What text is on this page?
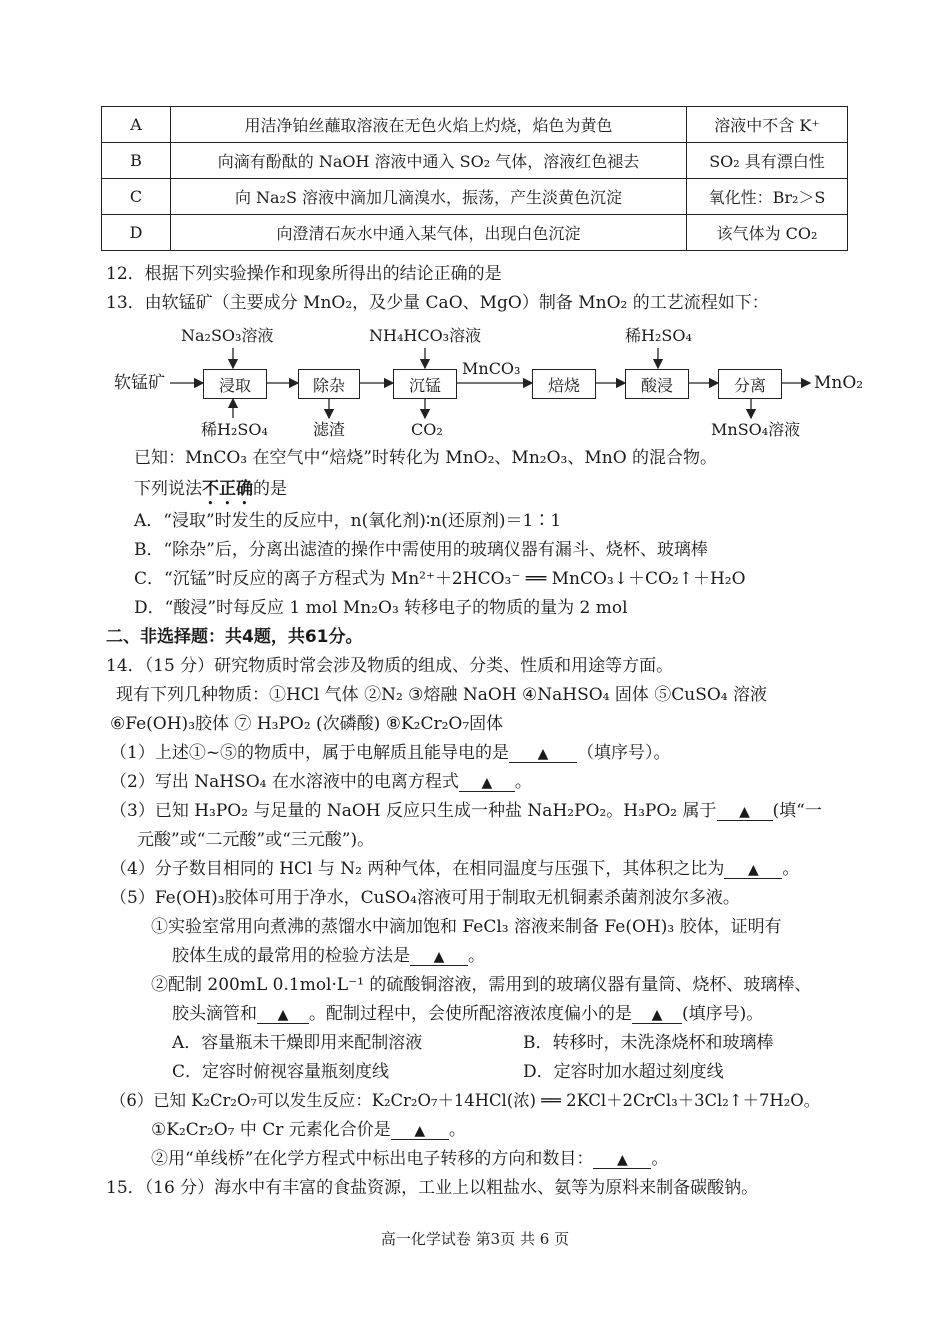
A	用洁净铂丝蘸取溶液在无色火焰上灼烧，焰色为黄色	溶液中不含 K⁺
B	向滴有酚酞的 NaOH 溶液中通入 SO₂ 气体，溶液红色褪去	SO₂ 具有漂白性
C	向 Na₂S 溶液中滴加几滴溴水，振荡，产生淡黄色沉淀	氧化性：Br₂＞S
D	向澄清石灰水中通入某气体，出现白色沉淀	该气体为 CO₂
12．根据下列实验操作和现象所得出的结论正确的是
13．由软锰矿（主要成分 MnO₂，及少量 CaO、MgO）制备 MnO₂ 的工艺流程如下：
软锰矿	浸取	除杂	沉锰	焙烧	酸浸	分离	MnO₂
Na₂SO₃溶液	NH₄HCO₃溶液	稀H₂SO₄
MnCO₃
稀H₂SO₄	滤渣	CO₂	MnSO₄溶液
已知：MnCO₃ 在空气中“焙烧”时转化为 MnO₂、Mn₂O₃、MnO 的混合物。
下列说法不正确的是
A．“浸取”时发生的反应中，n(氧化剂)∶n(还原剂)＝1∶1
B．“除杂”后，分离出滤渣的操作中需使用的玻璃仪器有漏斗、烧杯、玻璃棒
C．“沉锰”时反应的离子方程式为 Mn²⁺＋2HCO₃⁻ ══ MnCO₃↓＋CO₂↑＋H₂O
D．“酸浸”时每反应 1 mol Mn₂O₃ 转移电子的物质的量为 2 mol
二、非选择题：共4题，共61分。
14．（15 分）研究物质时常会涉及物质的组成、分类、性质和用途等方面。
现有下列几种物质：①HCl 气体 ②N₂ ③熔融 NaOH ④NaHSO₄ 固体 ⑤CuSO₄ 溶液
⑥Fe(OH)₃胶体 ⑦ H₃PO₂ (次磷酸) ⑧K₂Cr₂O₇固体
（1）上述①~⑤的物质中，属于电解质且能导电的是 ▲ （填序号）。
（2）写出 NaHSO₄ 在水溶液中的电离方程式 ▲ 。
（3）已知 H₃PO₂ 与足量的 NaOH 反应只生成一种盐 NaH₂PO₂。H₃PO₂ 属于 ▲ (填“一
元酸”或“二元酸”或“三元酸”)。
（4）分子数目相同的 HCl 与 N₂ 两种气体，在相同温度与压强下，其体积之比为 ▲ 。
（5）Fe(OH)₃胶体可用于净水，CuSO₄溶液可用于制取无机铜素杀菌剂波尔多液。
①实验室常用向煮沸的蒸馏水中滴加饱和 FeCl₃ 溶液来制备 Fe(OH)₃ 胶体，证明有
胶体生成的最常用的检验方法是 ▲ 。
②配制 200mL 0.1mol·L⁻¹ 的硫酸铜溶液，需用到的玻璃仪器有量筒、烧杯、玻璃棒、
胶头滴管和 ▲ 。配制过程中，会使所配溶液浓度偏小的是 ▲ (填序号)。
A．容量瓶未干燥即用来配制溶液	B．转移时，未洗涤烧杯和玻璃棒
C．定容时俯视容量瓶刻度线	D．定容时加水超过刻度线
（6）已知 K₂Cr₂O₇可以发生反应：K₂Cr₂O₇＋14HCl(浓) ══ 2KCl＋2CrCl₃＋3Cl₂↑＋7H₂O。
①K₂Cr₂O₇ 中 Cr 元素化合价是 ▲ 。
②用“单线桥”在化学方程式中标出电子转移的方向和数目： ▲ 。
15．（16 分）海水中有丰富的食盐资源，工业上以粗盐水、氨等为原料来制备碳酸钠。
高一化学试卷 第3页 共 6 页
